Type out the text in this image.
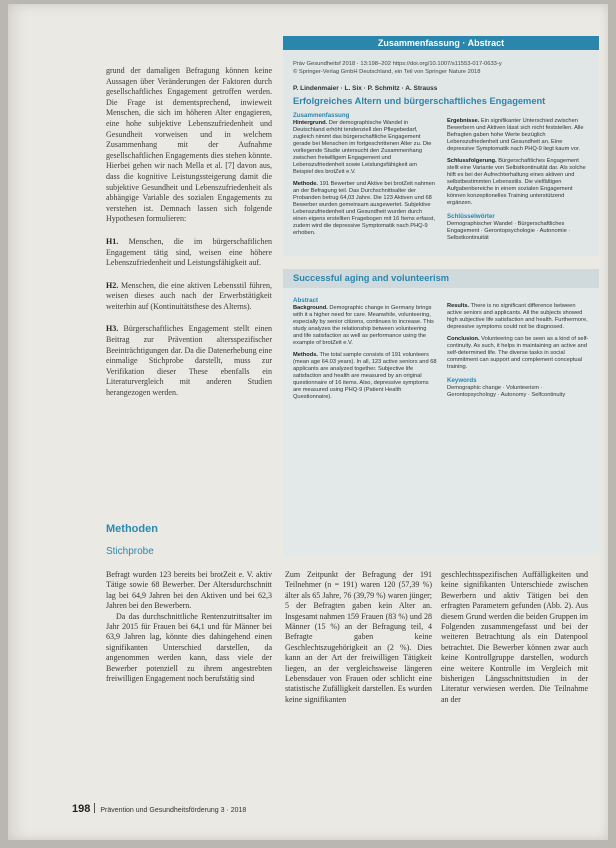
grund der damaligen Befragung können keine Aussagen über Veränderungen der Faktoren durch gesellschaftliches Engagement getroffen werden. Die Frage ist dementsprechend, inwieweit Menschen, die sich im höheren Alter engagieren, eine hohe subjektive Lebenszufriedenheit und Gesundheit vorweisen und in welchem Zusammenhang mit der Aufnahme gesellschaftlichen Engagements dies stehen könnte. Hierbei gehen wir nach Mella et al. [7] davon aus, dass die kognitive Leistungssteigerung damit die subjektive Gesundheit und Lebenszufriedenheit als abhängige Variable des sozialen Engagements zu verstehen ist. Demnach lassen sich folgende Hypothesen formulieren:

H1. Menschen, die im bürgerschaftlichen Engagement tätig sind, weisen eine höhere Lebenszufriedenheit und Leistungsfähigkeit auf.

H2. Menschen, die eine aktiven Lebensstil führen, weisen dieses auch nach der Erwerbstätigkeit weiterhin auf (Kontinuitätsthese des Alterns).

H3. Bürgerschaftliches Engagement stellt einen Beitrag zur Prävention altersspezifischer Beeinträchtigungen dar. Da die Datenerhebung eine einmalige Stichprobe darstellt, muss zur Verifikation dieser These ebenfalls ein Literaturvergleich mit anderen Studien herangezogen werden.

Methoden
Stichprobe

Befragt wurden 123 bereits bei brotZeit e. V. aktiv Tätige sowie 68 Bewerber. Der Altersdurchschnitt lag bei 64,9 Jahren bei den Aktiven und bei 62,3 Jahren bei den Bewerbern.

Da das durchschnittliche Rentenzutrittsalter im Jahr 2015 für Frauen bei 64,1 und für Männer bei 63,9 Jahren lag, könnte dies dahingehend einen signifikanten Unterschied darstellen, da angenommen werden kann, dass viele der Bewerber potenziell zu ihrem angestrebten freiwilligen Engagement noch berufstätig sind

Zum Zeitpunkt der Befragung der 191 Teilnehmer (n = 191) waren 120 (57,39 %) älter als 65 Jahre, 76 (39,79 %) waren jünger; 5 der Befragten gaben kein Alter an. Insgesamt nahmen 159 Frauen (83 %) und 28 Männer (15 %) an der Befragung teil, 4 Befragte gaben keine Geschlechtszugehörigkeit an (2 %). Dies kann an der Art der freiwilligen Tätigkeit liegen, an der vergleichsweise längeren Lebensdauer von Frauen oder schlicht eine statistische Zufälligkeit darstellen. Es wurden keine signifikanten

geschlechtsspezifischen Auffälligkeiten und keine signifikanten Unterschiede zwischen Bewerbern und aktiv Tätigen bei den erfragten Parametern gefunden (Abb. 2). Aus diesem Grund werden die beiden Gruppen im Folgenden zusammengefasst und bei der weiteren Betrachtung als ein Datenpool betrachtet. Die Bewerber können zwar auch keine Kontrollgruppe darstellen, wodurch eine weitere Kontrolle im Vergleich mit bisherigen Längsschnittstudien in der Literatur verwiesen werden. Die Teilnahme an der

Zusammenfassung · Abstract
Präv Gesundheitsf 2018 · 13:198–202 https://doi.org/10.1007/s11553-017-0633-y
© Springer-Verlag GmbH Deutschland, ein Teil von Springer Nature 2018
P. Lindenmaier · L. Six · P. Schmitz · A. Strauss
Erfolgreiches Altern und bürgerschaftliches Engagement
Zusammenfassung

Hintergrund. Der demographische Wandel in Deutschland erhöht tendenziell den Pflegebedarf, zugleich nimmt das bürgerschaftliche Engagement gerade bei Menschen im fortgeschrittenen Alter zu. Die vorliegende Studie untersucht den Zusammenhang zwischen freiwilligem Engagement und Lebenszufriedenheit sowie Leistungsfähigkeit am Beispiel des brotZeit e.V.

Methode. 191 Bewerber und Aktive bei brotZeit nahmen an der Befragung teil. Das Durchschnittsalter der Probanden betrug 64,03 Jahre. Die 123 Aktiven und 68 Bewerber wurden gemeinsam ausgewertet. Subjektive Lebenszufriedenheit und Gesundheit wurden durch einen eigens erstellten Fragebogen mit 16 Items erfasst, zudem wird die depressive Symptomatik nach PHQ-9 erhoben.

Ergebnisse. Ein signifikanter Unterschied zwischen Bewerbern und Aktiven lässt sich nicht feststellen. Alle Befragten gaben hohe Werte bezüglich Lebenszufriedenheit und Gesundheit an. Eine depressive Symptomatik nach PHQ-9 liegt kaum vor.

Schlussfolgerung. Bürgerschaftliches Engagement stellt eine Variante von Selbstkontinuität dar. Als solche hilft es bei der Aufrechterhaltung eines aktiven und selbstbestimmten Lebensstils. Die vielfältigen Aufgabenbereiche in einem sozialen Engagement können konzeptionelles Training unterstützend ergänzen.

Schlüsselwörter

Demographischer Wandel · Bürgerschaftliches Engagement · Gerontopsychologie · Autonomie · Selbstkontinuität

Successful aging and volunteerism
Abstract

Background. Demographic change in Germany brings with it a higher need for care. Meanwhile, volunteering, especially by senior citizens, continues to increase. This study analyzes the relationship between volunteering and life satisfaction as well as performance using the example of brotZeit e.V.

Methods. The total sample consists of 191 volunteers (mean age 64.03 years). In all, 123 active seniors and 68 applicants are analyzed together. Subjective life satisfaction and health are measured by an original questionnaire of 16 items. Also, depressive symptoms are measured using PHQ-9 (Patient Health Questionnaire).

Results. There is no significant difference between active seniors and applicants. All the subjects showed high subjective life satisfaction and health. Furthermore, depressive symptoms could not be diagnosed.

Conclusion. Volunteering can be seen as a kind of self-continuity. As such, it helps in maintaining an active and self-determined life. The diverse tasks in social commitment can support and complement conceptual training.

Keywords

Demographic change · Volunteerism · Gerontopsychology · Autonomy · Selfcontinuity

198 Prävention und Gesundheitsförderung 3 · 2018
